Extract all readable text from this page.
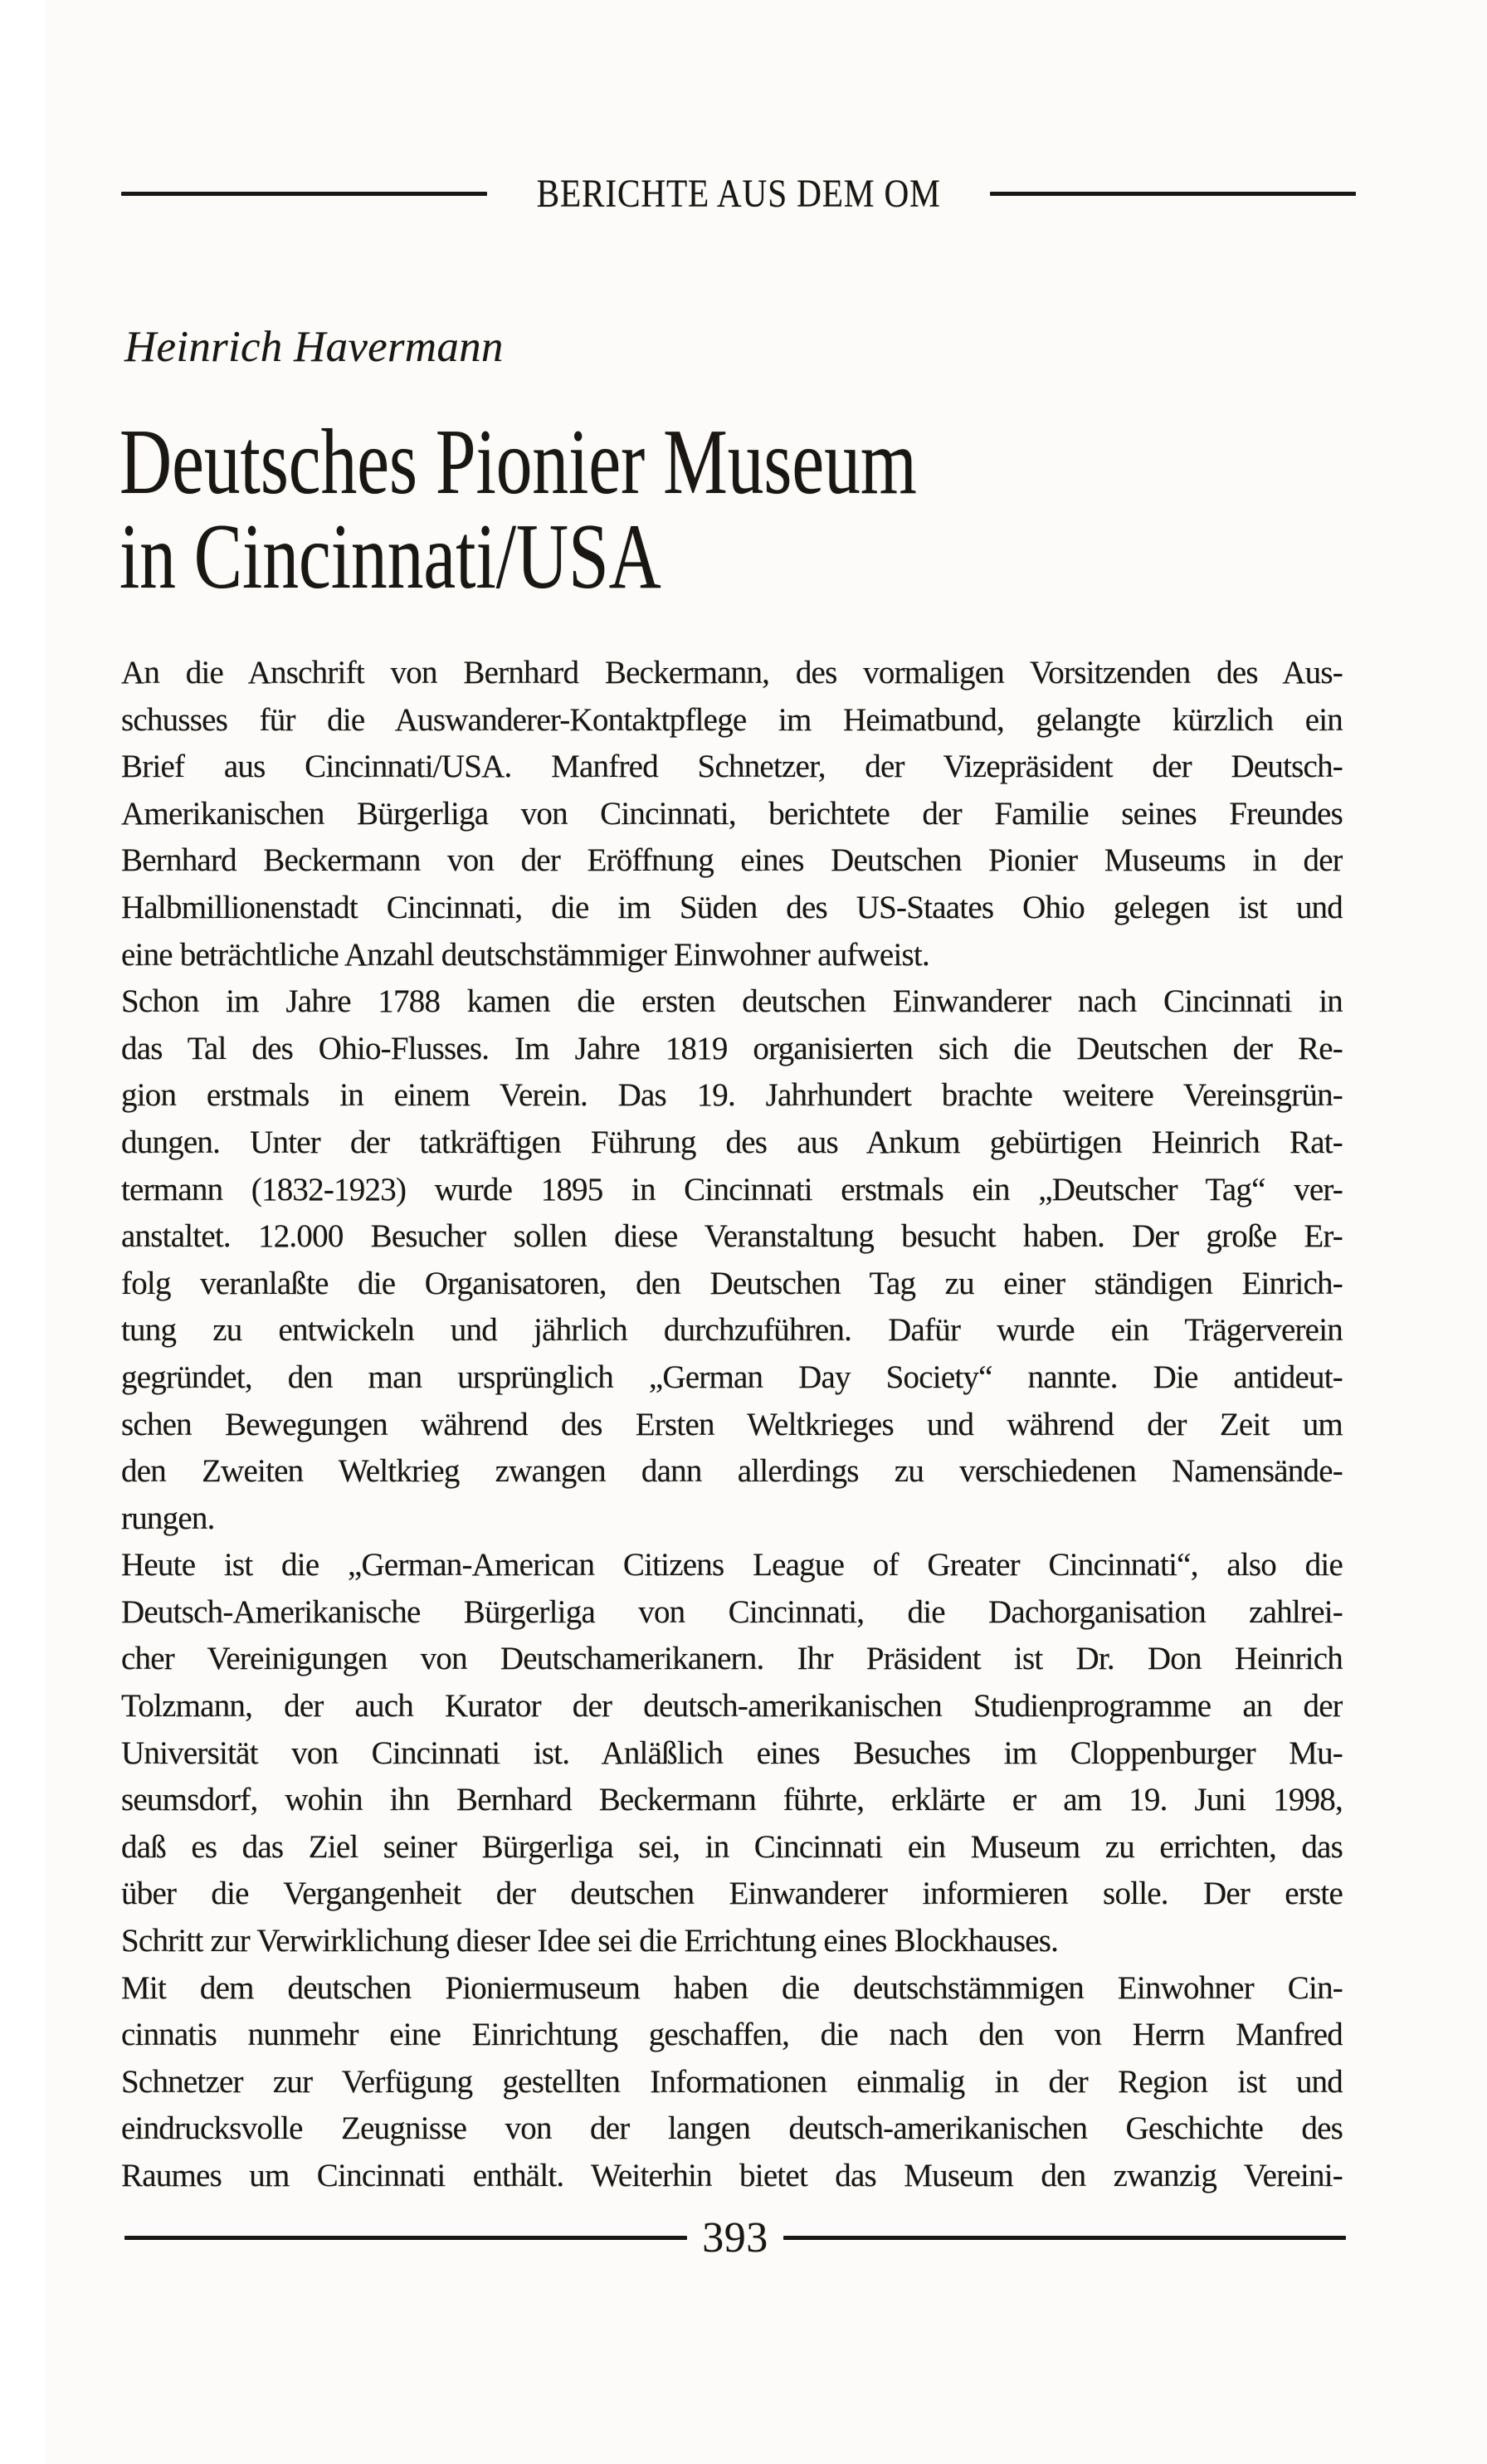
BERICHTE AUS DEM OM
Heinrich Havermann
Deutsches Pionier Museum
in Cincinnati/USA
An die Anschrift von Bernhard Beckermann, des vormaligen Vorsitzenden des Aus-
schusses für die Auswanderer-Kontaktpflege im Heimatbund, gelangte kürzlich ein
Brief aus Cincinnati/USA. Manfred Schnetzer, der Vizepräsident der Deutsch-
Amerikanischen Bürgerliga von Cincinnati, berichtete der Familie seines Freundes
Bernhard Beckermann von der Eröffnung eines Deutschen Pionier Museums in der
Halbmillionenstadt Cincinnati, die im Süden des US-Staates Ohio gelegen ist und
eine beträchtliche Anzahl deutschstämmiger Einwohner aufweist.
Schon im Jahre 1788 kamen die ersten deutschen Einwanderer nach Cincinnati in
das Tal des Ohio-Flusses. Im Jahre 1819 organisierten sich die Deutschen der Re-
gion erstmals in einem Verein. Das 19. Jahrhundert brachte weitere Vereinsgrün-
dungen. Unter der tatkräftigen Führung des aus Ankum gebürtigen Heinrich Rat-
termann (1832-1923) wurde 1895 in Cincinnati erstmals ein „Deutscher Tag“ ver-
anstaltet. 12.000 Besucher sollen diese Veranstaltung besucht haben. Der große Er-
folg veranlaßte die Organisatoren, den Deutschen Tag zu einer ständigen Einrich-
tung zu entwickeln und jährlich durchzuführen. Dafür wurde ein Trägerverein
gegründet, den man ursprünglich „German Day Society“ nannte. Die antideut-
schen Bewegungen während des Ersten Weltkrieges und während der Zeit um
den Zweiten Weltkrieg zwangen dann allerdings zu verschiedenen Namensände-
rungen.
Heute ist die „German-American Citizens League of Greater Cincinnati“, also die
Deutsch-Amerikanische Bürgerliga von Cincinnati, die Dachorganisation zahlrei-
cher Vereinigungen von Deutschamerikanern. Ihr Präsident ist Dr. Don Heinrich
Tolzmann, der auch Kurator der deutsch-amerikanischen Studienprogramme an der
Universität von Cincinnati ist. Anläßlich eines Besuches im Cloppenburger Mu-
seumsdorf, wohin ihn Bernhard Beckermann führte, erklärte er am 19. Juni 1998,
daß es das Ziel seiner Bürgerliga sei, in Cincinnati ein Museum zu errichten, das
über die Vergangenheit der deutschen Einwanderer informieren solle. Der erste
Schritt zur Verwirklichung dieser Idee sei die Errichtung eines Blockhauses.
Mit dem deutschen Pioniermuseum haben die deutschstämmigen Einwohner Cin-
cinnatis nunmehr eine Einrichtung geschaffen, die nach den von Herrn Manfred
Schnetzer zur Verfügung gestellten Informationen einmalig in der Region ist und
eindrucksvolle Zeugnisse von der langen deutsch-amerikanischen Geschichte des
Raumes um Cincinnati enthält. Weiterhin bietet das Museum den zwanzig Vereini-
393
